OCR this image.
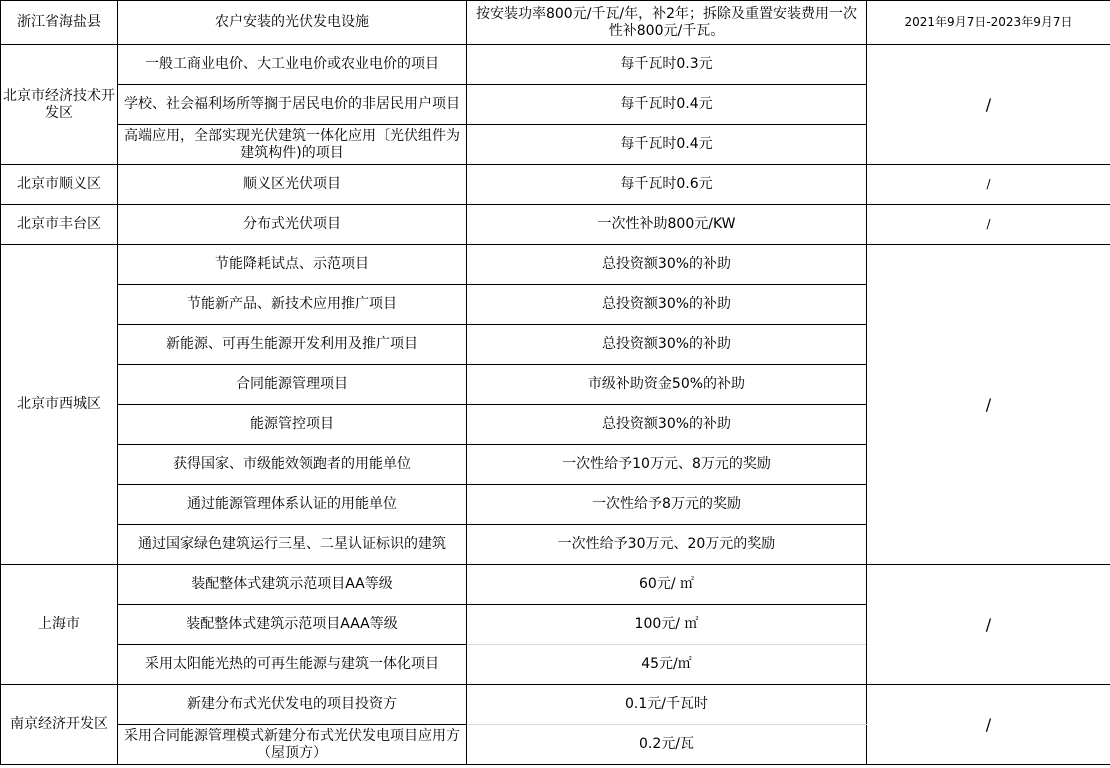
浙江省海盐县	农户安装的光伏发电设施	按安装功率800元/千瓦/年，补2年；拆除及重置安装费用一次性补800元/千瓦。	2021年9月7日-2023年9月7日
北京市经济技术开发区	一般工商业电价、大工业电价或农业电价的项目	每千瓦时0.3元	/
	学校、社会福利场所等搁于居民电价的非居民用户项目	每千瓦时0.4元	
	高端应用，全部实现光伏建筑一体化应用〔光伏组件为建筑构件)的项目	每千瓦时0.4元	
北京市顺义区	顺义区光伏项目	每千瓦时0.6元	/
北京市丰台区	分布式光伏项目	一次性补助800元/KW	/
北京市西城区	节能降耗试点、示范项目	总投资额30%的补助	/
	节能新产品、新技术应用推广项目	总投资额30%的补助	
	新能源、可再生能源开发利用及推广项目	总投资额30%的补助	
	合同能源管理项目	市级补助资金50%的补助	
	能源管控项目	总投资额30%的补助	
	获得国家、市级能效领跑者的用能单位	一次性给予10万元、8万元的奖励	
	通过能源管理体系认证的用能单位	一次性给予8万元的奖励	
	通过国家绿色建筑运行三星、二星认证标识的建筑	一次性给予30万元、20万元的奖励	
上海市	装配整体式建筑示范项目AA等级	60元/ ㎡	/
	装配整体式建筑示范项目AAA等级	100元/ ㎡	
	采用太阳能光热的可再生能源与建筑一体化项目	45元/㎡	
南京经济开发区	新建分布式光伏发电的项目投资方	0.1元/千瓦时	/
	采用合同能源管理模式新建分布式光伏发电项目应用方（屋顶方）	0.2元/瓦	
